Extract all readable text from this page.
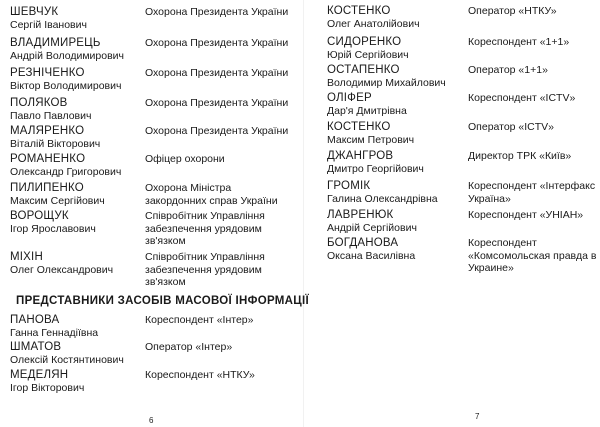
ШЕВЧУК
Сергій Іванович
Охорона Президента України
ВЛАДИМИРЕЦЬ
Андрій Володимирович
Охорона Президента України
РЕЗНІЧЕНКО
Віктор Володимирович
Охорона Президента України
ПОЛЯКОВ
Павло Павлович
Охорона Президента України
МАЛЯРЕНКО
Віталій Вікторович
Охорона Президента України
РОМАНЕНКО
Олександр Григорович
Офіцер охорони
ПИЛИПЕНКО
Максим Сергійович
Охорона Міністра закордонних справ України
ВОРОЩУК
Ігор Ярославович
Співробітник Управління забезпечення урядовим зв'язком
МІХІН
Олег Олександрович
Співробітник Управління забезпечення урядовим зв'язком
ПРЕДСТАВНИКИ ЗАСОБІВ МАСОВОЇ ІНФОРМАЦІЇ
ПАНОВА
Ганна Геннадіївна
Кореспондент «Інтер»
ШМАТОВ
Олексій Костянтинович
Оператор «Інтер»
МЕДЕЛЯН
Ігор Вікторович
Кореспондент «НТКУ»
6
КОСТЕНКО
Олег Анатолійович
Оператор «НТКУ»
СИДОРЕНКО
Юрій Сергійович
Кореспондент «1+1»
ОСТАПЕНКО
Володимир Михайлович
Оператор «1+1»
ОЛІФЕР
Дар'я Дмитрівна
Кореспондент «ICTV»
КОСТЕНКО
Максим Петрович
Оператор «ICTV»
ДЖАНГРОВ
Дмитро Георгійович
Директор ТРК «Київ»
ГРОМІК
Галина Олександрівна
Кореспондент «Інтерфакс Україна»
ЛАВРЕНЮК
Андрій Сергійович
Кореспондент «УНІАН»
БОГДАНОВА
Оксана Василівна
Кореспондент «Комсомольская правда в Украине»
7
